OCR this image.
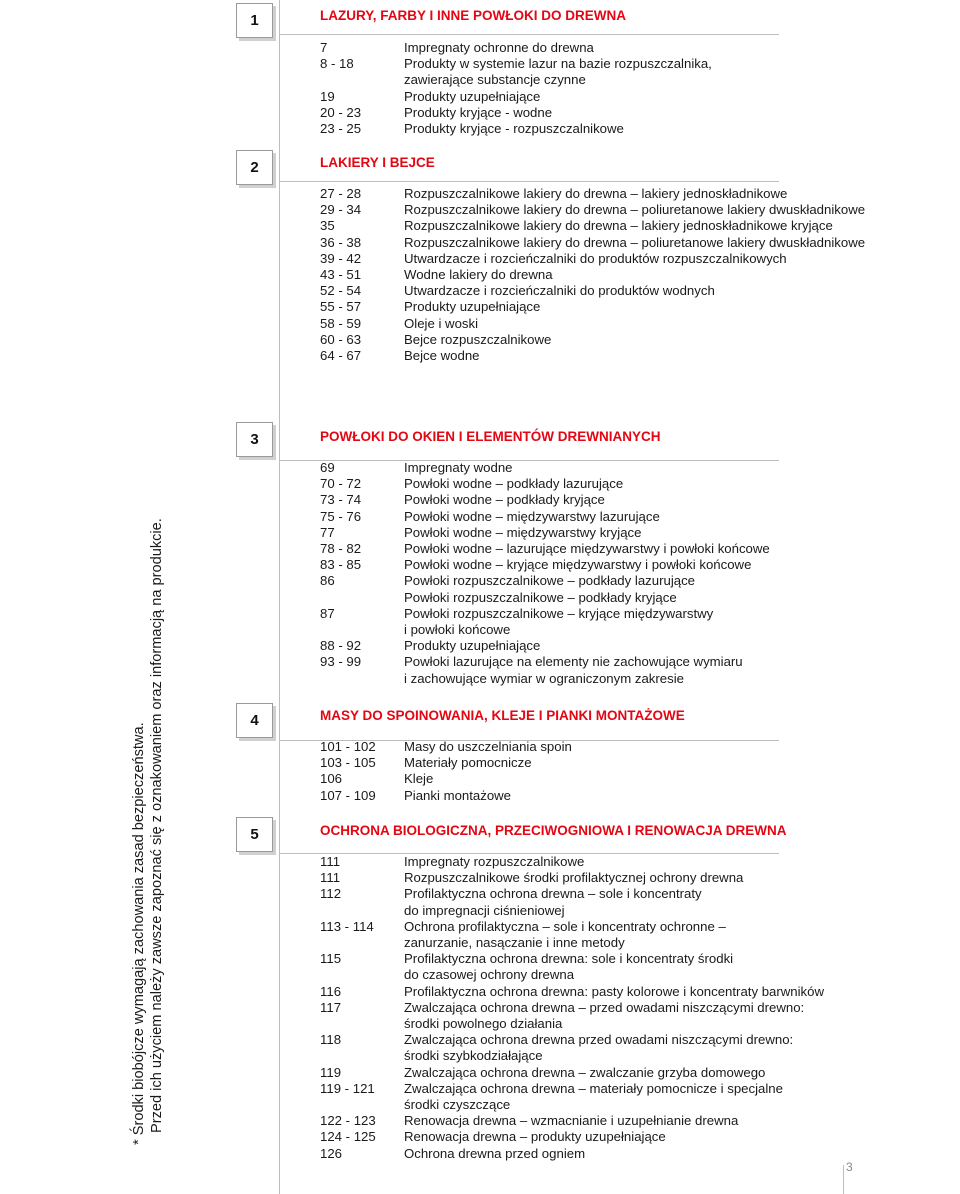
1	LAZURY, FARBY I INNE POWŁOKI DO DREWNA
7	Impregnaty ochronne do drewna
8 - 18	Produkty w systemie lazur na bazie rozpuszczalnika,
zawierające substancje czynne
19	Produkty uzupełniające
20 - 23	Produkty kryjące - wodne
23 - 25	Produkty kryjące - rozpuszczalnikowe
2	LAKIERY I BEJCE
27 - 28	Rozpuszczalnikowe lakiery do drewna – lakiery jednoskładnikowe
29 - 34	Rozpuszczalnikowe lakiery do drewna – poliuretanowe lakiery dwuskładnikowe
35	Rozpuszczalnikowe lakiery do drewna – lakiery jednoskładnikowe kryjące
36 - 38	Rozpuszczalnikowe lakiery do drewna – poliuretanowe lakiery dwuskładnikowe
39 - 42	Utwardzacze i rozcieńczalniki do produktów rozpuszczalnikowych
43 - 51	Wodne lakiery do drewna
52 - 54	Utwardzacze i rozcieńczalniki do produktów wodnych
55 - 57	Produkty uzupełniające
58 - 59	Oleje i woski
60 - 63	Bejce rozpuszczalnikowe
64 - 67	Bejce wodne
3	POWŁOKI DO OKIEN I ELEMENTÓW DREWNIANYCH
69	Impregnaty wodne
70 - 72	Powłoki wodne – podkłady lazurujące
73 - 74	Powłoki wodne – podkłady kryjące
75 - 76	Powłoki wodne – międzywarstwy lazurujące
77	Powłoki wodne – międzywarstwy kryjące
78 - 82	Powłoki wodne – lazurujące międzywarstwy i powłoki końcowe
83 - 85	Powłoki wodne – kryjące międzywarstwy i powłoki końcowe
86	Powłoki rozpuszczalnikowe – podkłady lazurujące
Powłoki rozpuszczalnikowe – podkłady kryjące
87	Powłoki rozpuszczalnikowe – kryjące międzywarstwy
i powłoki końcowe
88 - 92	Produkty uzupełniające
93 - 99	Powłoki lazurujące na elementy nie zachowujące wymiaru
i zachowujące wymiar w ograniczonym zakresie
4	MASY DO SPOINOWANIA, KLEJE I PIANKI MONTAŻOWE
101 - 102	Masy do uszczelniania spoin
103 - 105	Materiały pomocnicze
106	Kleje
107 - 109	Pianki montażowe
5	OCHRONA BIOLOGICZNA, PRZECIWOGNIOWA I RENOWACJA DREWNA
111	Impregnaty rozpuszczalnikowe
111	Rozpuszczalnikowe środki profilaktycznej ochrony drewna
112	Profilaktyczna ochrona drewna – sole i koncentraty
do impregnacji ciśnieniowej
113 - 114	Ochrona profilaktyczna – sole i koncentraty ochronne –
zanurzanie, nasączanie i inne metody
115	Profilaktyczna ochrona drewna: sole i koncentraty środki
do czasowej ochrony drewna
116	Profilaktyczna ochrona drewna: pasty kolorowe i koncentraty barwników
117	Zwalczająca ochrona drewna – przed owadami niszczącymi drewno:
środki powolnego działania
118	Zwalczająca ochrona drewna przed owadami niszczącymi drewno:
środki szybkodziałające
119	Zwalczająca ochrona drewna – zwalczanie grzyba domowego
119 - 121	Zwalczająca ochrona drewna – materiały pomocnicze i specjalne
środki czyszczące
122 - 123	Renowacja drewna – wzmacnianie i uzupełnianie drewna
124 - 125	Renowacja drewna – produkty uzupełniające
126	Ochrona drewna przed ogniem
* Środki biobójcze wymagają zachowania zasad bezpieczeństwa. Przed ich użyciem należy zawsze zapoznać się z oznakowaniem oraz informacją na produkcie.
3
